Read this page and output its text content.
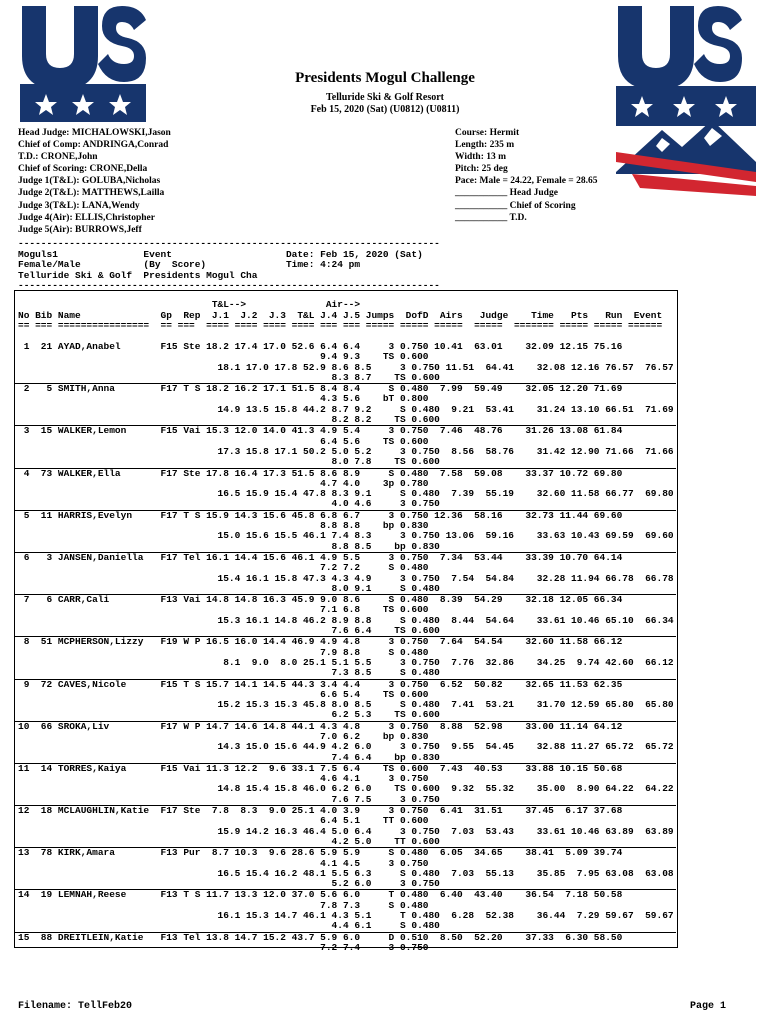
Presidents Mogul Challenge
Telluride Ski & Golf Resort
Feb 15, 2020 (Sat) (U0812) (U0811)
Head Judge: MICHALOWSKI,Jason
Chief of Comp: ANDRINGA,Conrad
T.D.: CRONE,John
Chief of Scoring: CRONE,Della
Judge 1(T&L): GOLUBA,Nicholas
Judge 2(T&L): MATTHEWS,Lailla
Judge 3(T&L): LANA,Wendy
Judge 4(Air): ELLIS,Christopher
Judge 5(Air): BURROWS,Jeff
Course: Hermit
Length: 235 m
Width: 13 m
Pitch: 25 deg
Pace: Male = 24.22, Female = 28.65
___________ Head Judge
___________ Chief of Scoring
___________ T.D.
--------------------------------------------------------------------------
Moguls1               Event                    Date: Feb 15, 2020 (Sat)
Female/Male           (By  Score)              Time: 4:24 pm
Telluride Ski & Golf  Presidents Mogul Cha
--------------------------------------------------------------------------
T&L-->              Air-->
No Bib Name              Gp  Rep  J.1  J.2  J.3  T&L J.4 J.5 Jumps  DofD  Airs   Judge    Time   Pts   Run  Event
== === ================  == ===  ==== ==== ==== ==== === === ===== ===== =====  =====  ======= ===== ===== ======
1  21 AYAD,Anabel       F15 Ste 18.2 17.4 17.0 52.6 6.4 6.4     3 0.750 10.41  63.01    32.09 12.15 75.16
9.4 9.3    TS 0.600
18.1 17.0 17.8 52.9 8.6 8.5     3 0.750 11.51  64.41    32.08 12.16 76.57  76.57
8.3 8.7    TS 0.600
2   5 SMITH,Anna        F17 T S 18.2 16.2 17.1 51.5 8.4 8.4     S 0.480  7.99  59.49    32.05 12.20 71.69
4.3 5.6    bT 0.800
14.9 13.5 15.8 44.2 8.7 9.2     S 0.480  9.21  53.41    31.24 13.10 66.51  71.69
8.2 8.2    TS 0.600
3  15 WALKER,Lemon      F15 Vai 15.3 12.0 14.0 41.3 4.9 5.4     3 0.750  7.46  48.76    31.26 13.08 61.84
6.4 5.6    TS 0.600
17.3 15.8 17.1 50.2 5.0 5.2     3 0.750  8.56  58.76    31.42 12.90 71.66  71.66
8.0 7.8    TS 0.600
4  73 WALKER,Ella       F17 Ste 17.8 16.4 17.3 51.5 8.6 8.9     S 0.480  7.58  59.08    33.37 10.72 69.80
4.7 4.0    3p 0.780
16.5 15.9 15.4 47.8 8.3 9.1     S 0.480  7.39  55.19    32.60 11.58 66.77  69.80
4.0 4.6     3 0.750
5  11 HARRIS,Evelyn     F17 T S 15.9 14.3 15.6 45.8 6.8 6.7     3 0.750 12.36  58.16    32.73 11.44 69.60
8.8 8.8    bp 0.830
15.0 15.6 15.5 46.1 7.4 8.3     3 0.750 13.06  59.16    33.63 10.43 69.59  69.60
8.8 8.5    bp 0.830
6   3 JANSEN,Daniella   F17 Tel 16.1 14.4 15.6 46.1 4.9 5.5     3 0.750  7.34  53.44    33.39 10.70 64.14
7.2 7.2     S 0.480
15.4 16.1 15.8 47.3 4.3 4.9     3 0.750  7.54  54.84    32.28 11.94 66.78  66.78
8.0 9.1     S 0.480
7   6 CARR,Cali         F13 Vai 14.8 14.8 16.3 45.9 9.0 8.6     S 0.480  8.39  54.29    32.18 12.05 66.34
7.1 6.8    TS 0.600
15.3 16.1 14.8 46.2 8.9 8.8     S 0.480  8.44  54.64    33.61 10.46 65.10  66.34
7.6 6.4    TS 0.600
8  51 MCPHERSON,Lizzy   F19 W P 16.5 16.0 14.4 46.9 4.9 4.8     3 0.750  7.64  54.54    32.60 11.58 66.12
7.9 8.8     S 0.480
8.1  9.0  8.0 25.1 5.1 5.5     3 0.750  7.76  32.86    34.25  9.74 42.60  66.12
7.3 8.5     S 0.480
9  72 CAVES,Nicole      F15 T S 15.7 14.1 14.5 44.3 3.4 4.4     3 0.750  6.52  50.82    32.65 11.53 62.35
6.6 5.4    TS 0.600
15.2 15.3 15.3 45.8 8.0 8.5     S 0.480  7.41  53.21    31.70 12.59 65.80  65.80
6.2 5.3    TS 0.600
10  66 SROKA,Liv         F17 W P 14.7 14.6 14.8 44.1 4.3 4.8     3 0.750  8.88  52.98    33.00 11.14 64.12
7.0 6.2    bp 0.830
14.3 15.0 15.6 44.9 4.2 6.0     3 0.750  9.55  54.45    32.88 11.27 65.72  65.72
7.4 6.4    bp 0.830
11  14 TORRES,Kaiya      F15 Vai 11.3 12.2  9.6 33.1 7.5 6.4    TS 0.600  7.43  40.53    33.88 10.15 50.68
4.6 4.1     3 0.750
14.8 15.4 15.8 46.0 6.2 6.0    TS 0.600  9.32  55.32    35.00  8.90 64.22  64.22
7.6 7.5     3 0.750
12  18 MCLAUGHLIN,Katie  F17 Ste  7.8  8.3  9.0 25.1 4.0 3.9     3 0.750  6.41  31.51    37.45  6.17 37.68
6.4 5.1    TT 0.600
15.9 14.2 16.3 46.4 5.0 6.4     3 0.750  7.03  53.43    33.61 10.46 63.89  63.89
4.2 5.0    TT 0.600
13  78 KIRK,Amara        F13 Pur  8.7 10.3  9.6 28.6 5.9 5.9     S 0.480  6.05  34.65    38.41  5.09 39.74
4.1 4.5     3 0.750
16.5 15.4 16.2 48.1 5.5 6.3     S 0.480  7.03  55.13    35.85  7.95 63.08  63.08
5.2 6.0     3 0.750
14  19 LEMNAH,Reese      F13 T S 11.7 13.3 12.0 37.0 5.6 6.0     T 0.480  6.40  43.40    36.54  7.18 50.58
7.8 7.3     S 0.480
16.1 15.3 14.7 46.1 4.3 5.1     T 0.480  6.28  52.38    36.44  7.29 59.67  59.67
4.4 6.1     S 0.480
15  88 DREITLEIN,Katie   F13 Tel 13.8 14.7 15.2 43.7 5.9 6.0     D 0.510  8.50  52.20    37.33  6.30 58.50
7.2 7.4     3 0.750
Filename: TellFeb20	Page 1
